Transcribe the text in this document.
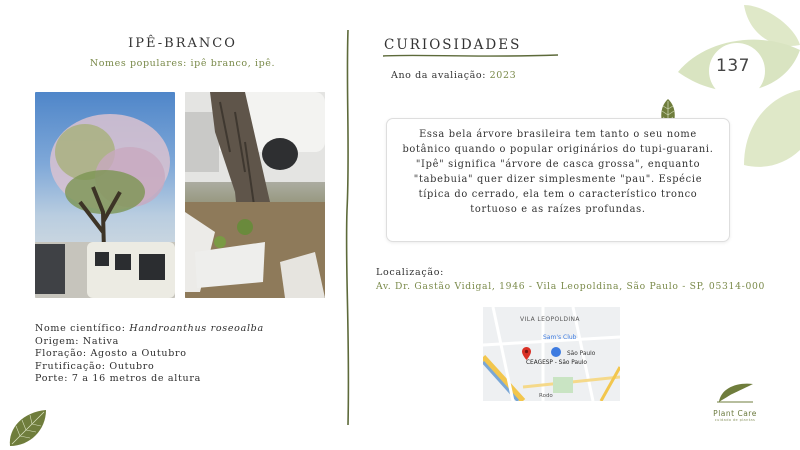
IPÊ-BRANCO
Nomes populares: ipê branco, ipê.
Nome científico: Handroanthus roseoalba
Origem: Nativa
Floração: Agosto a Outubro
Frutificação: Outubro
Porte: 7 a 16 metros de altura
CURIOSIDADES
Ano da avaliação: 2023	137

Essa bela árvore brasileira tem tanto o seu nome botânico quando o popular originários do tupi-guarani. "Ipê" significa "árvore de casca grossa", enquanto "tabebuia" quer dizer simplesmente "pau". Espécie típica do cerrado, ela tem o característico tronco tortuoso e as raízes profundas.

Localização:
Av. Dr. Gastão Vidigal, 1946 - Vila Leopoldina, São Paulo - SP, 05314-000
VILA LEOPOLDINA
Sam's Club
CEAGESP - São Paulo
São Paulo
Rodo
Plant Care
cuidado de plantas
